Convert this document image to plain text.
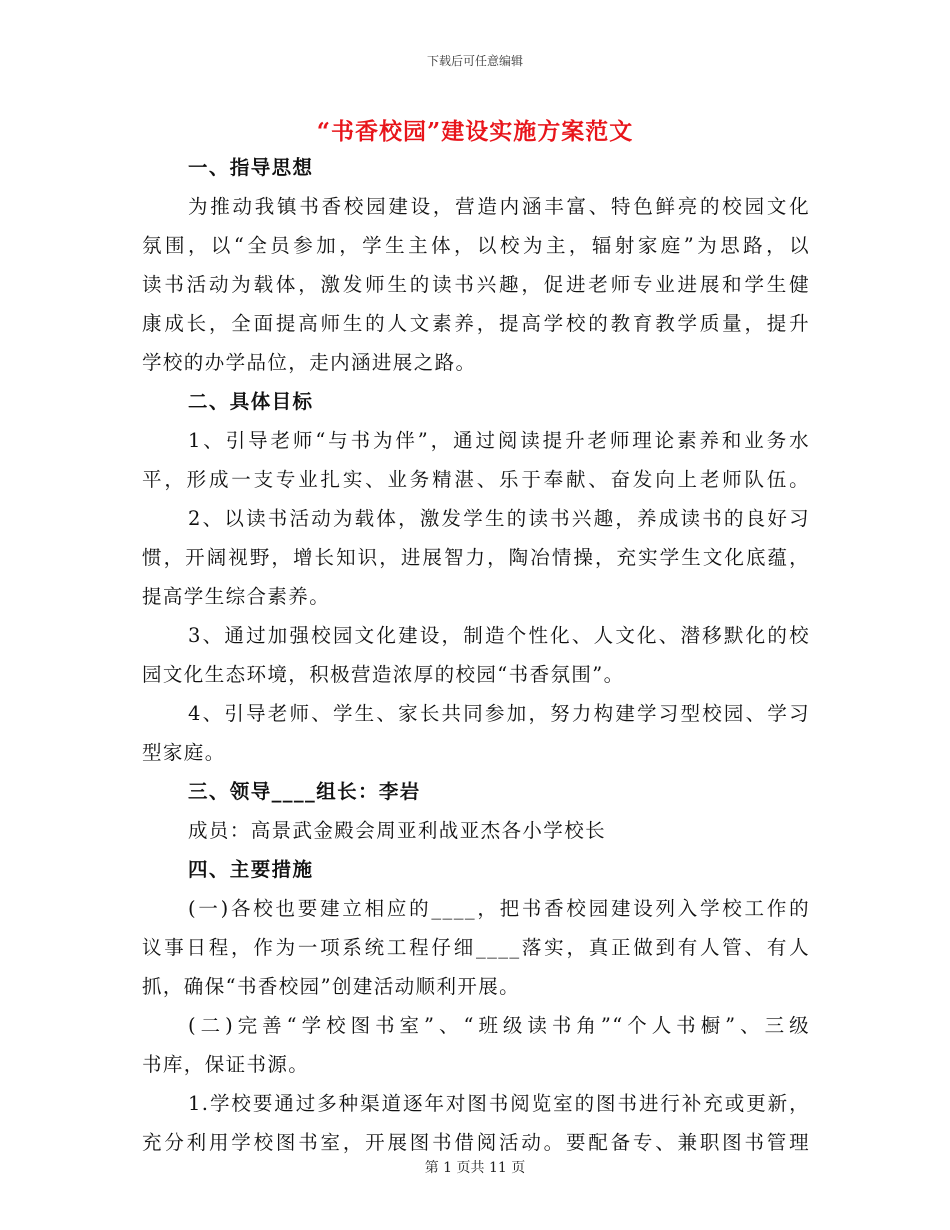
下载后可任意编辑
“书香校园”建设实施方案范文
一、指导思想
为推动我镇书香校园建设，营造内涵丰富、特色鲜亮的校园文化
氛围，以“全员参加，学生主体，以校为主，辐射家庭”为思路，以
读书活动为载体，激发师生的读书兴趣，促进老师专业进展和学生健
康成长，全面提高师生的人文素养，提高学校的教育教学质量，提升
学校的办学品位，走内涵进展之路。
二、具体目标
1、引导老师“与书为伴”，通过阅读提升老师理论素养和业务水
平，形成一支专业扎实、业务精湛、乐于奉献、奋发向上老师队伍。
2、以读书活动为载体，激发学生的读书兴趣，养成读书的良好习
惯，开阔视野，增长知识，进展智力，陶冶情操，充实学生文化底蕴，
提高学生综合素养。
3、通过加强校园文化建设，制造个性化、人文化、潜移默化的校
园文化生态环境，积极营造浓厚的校园“书香氛围”。
4、引导老师、学生、家长共同参加，努力构建学习型校园、学习
型家庭。
三、领导____组长：李岩
成员：高景武金殿会周亚利战亚杰各小学校长
四、主要措施
(一)各校也要建立相应的____，把书香校园建设列入学校工作的
议事日程，作为一项系统工程仔细____落实，真正做到有人管、有人
抓，确保“书香校园”创建活动顺利开展。
(二)完善“学校图书室”、“班级读书角”“个人书橱”、三级
书库，保证书源。
1.学校要通过多种渠道逐年对图书阅览室的图书进行补充或更新，
充分利用学校图书室，开展图书借阅活动。要配备专、兼职图书管理
第 1 页共 11 页
